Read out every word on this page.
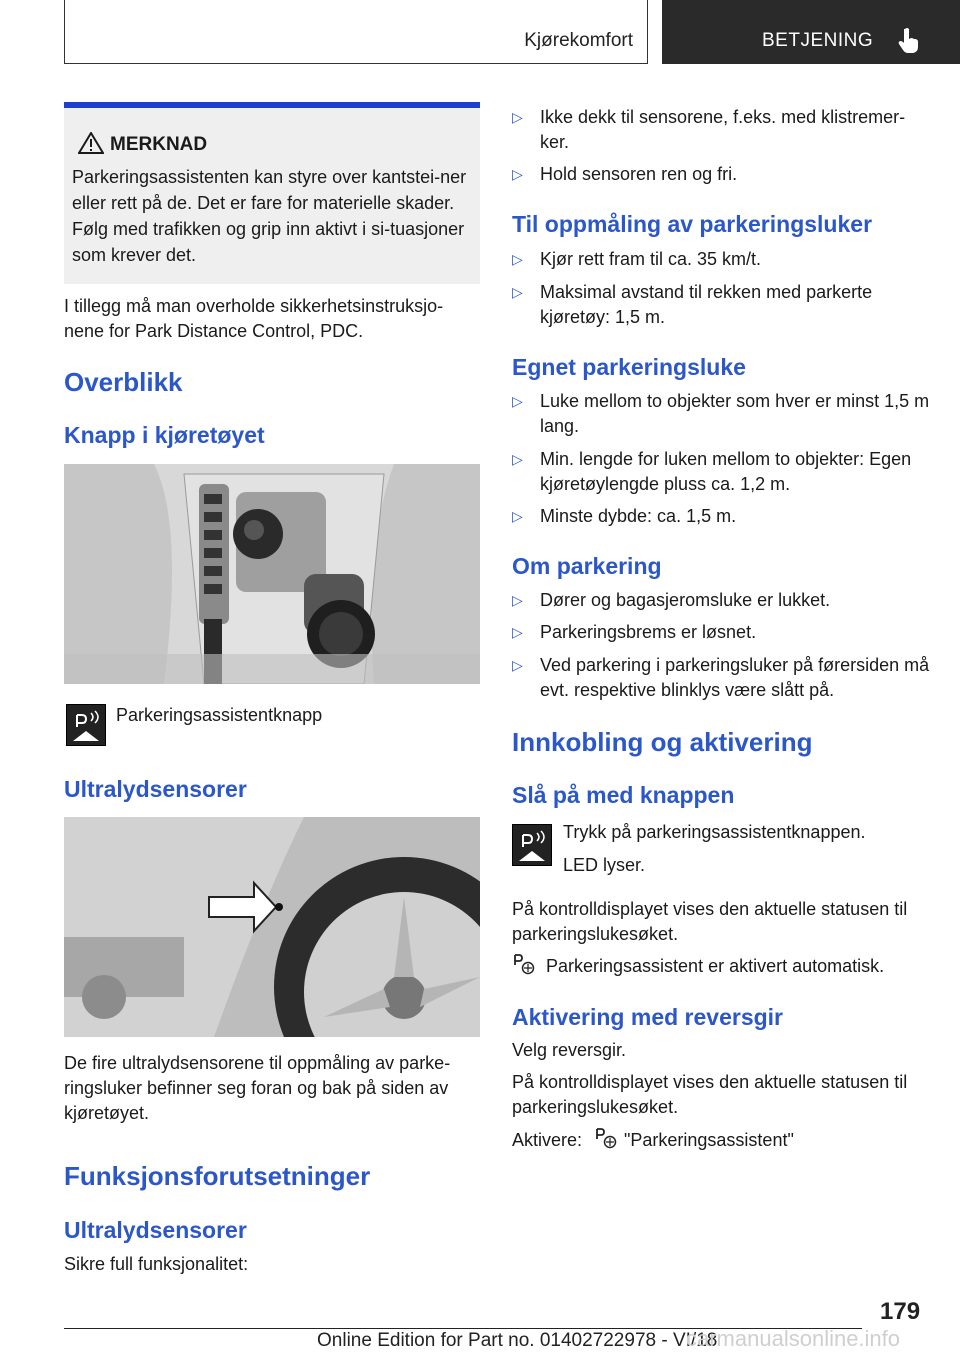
Kjørekomfort	BETJENING
MERKNAD
Parkeringsassistenten kan styre over kantstei-ner eller rett på de. Det er fare for materielle skader. Følg med trafikken og grip inn aktivt i si-tuasjoner som krever det.
I tillegg må man overholde sikkerhetsinstruksjo-nene for Park Distance Control, PDC.
Overblikk
Knapp i kjøretøyet
Parkeringsassistentknapp
Ultralydsensorer
De fire ultralydsensorene til oppmåling av parke-ringsluker befinner seg foran og bak på siden av kjøretøyet.
Funksjonsforutsetninger
Ultralydsensorer
Sikre full funksjonalitet:
▷ Ikke dekk til sensorene, f.eks. med klistremer-ker.
▷ Hold sensoren ren og fri.
Til oppmåling av parkeringsluker
▷ Kjør rett fram til ca. 35 km/t.
▷ Maksimal avstand til rekken med parkerte kjøretøy: 1,5 m.
Egnet parkeringsluke
▷ Luke mellom to objekter som hver er minst 1,5 m lang.
▷ Min. lengde for luken mellom to objekter: Egen kjøretøylengde pluss ca. 1,2 m.
▷ Minste dybde: ca. 1,5 m.
Om parkering
▷ Dører og bagasjeromsluke er lukket.
▷ Parkeringsbrems er løsnet.
▷ Ved parkering i parkeringsluker på førersiden må evt. respektive blinklys være slått på.
Innkobling og aktivering
Slå på med knappen
Trykk på parkeringsassistentknappen.
LED lyser.
På kontrolldisplayet vises den aktuelle statusen til parkeringslukesøket.
Parkeringsassistent er aktivert automatisk.
Aktivering med reversgir
Velg reversgir.
På kontrolldisplayet vises den aktuelle statusen til parkeringslukesøket.
Aktivere: "Parkeringsassistent"
179
Online Edition for Part no. 01402722978 - VI/18
carmanualsonline.info
